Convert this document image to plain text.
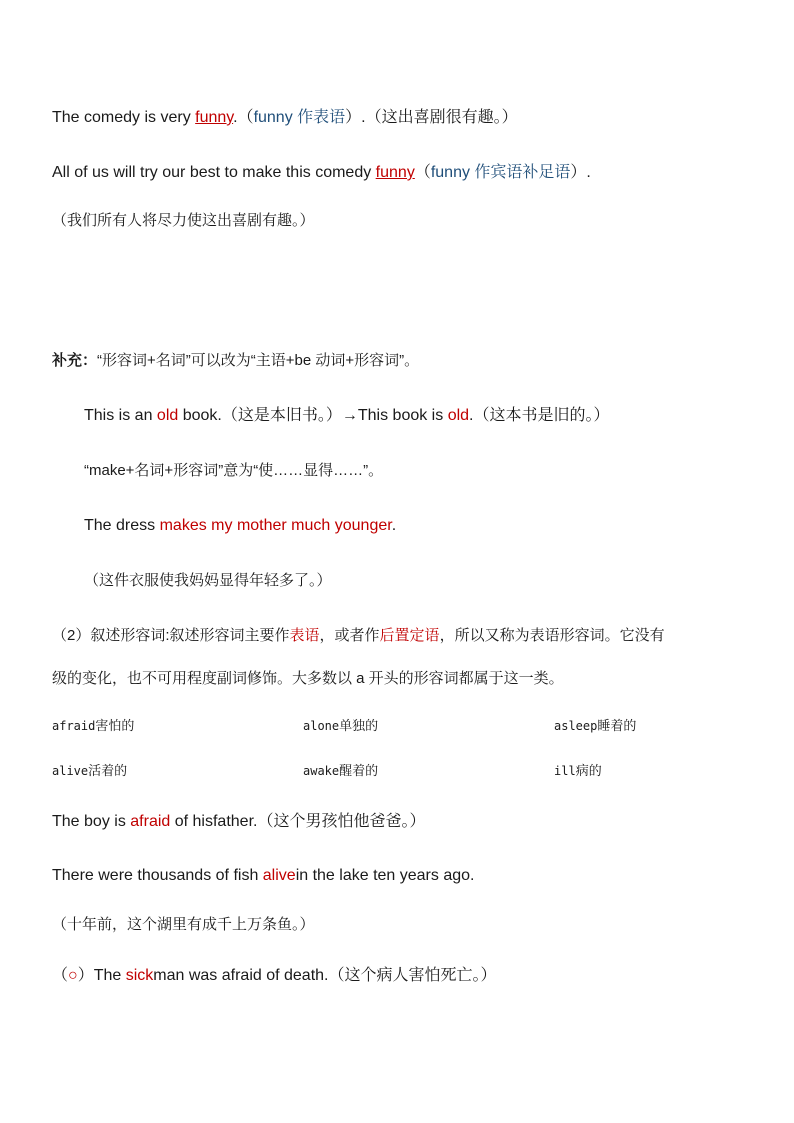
The comedy is very funny.（funny 作表语）.（这出喜剧很有趣。）
All of us will try our best to make this comedy funny（funny 作宾语补足语）.
（我们所有人将尽力使这出喜剧有趣。）
补充：“形容词+名词”可以改为“主语+be 动词+形容词”。
This is an old book.（这是本旧书。）→This book is old.（这本书是旧的。）
“make+名词+形容词”意为“使……显得……”。
The dress makes my mother much younger.
（这件衣服使我妈妈显得年轻多了。）
（2）叙述形容词:叙述形容词主要作表语，或者作后置定语，所以又称为表语形容词。它没有
级的变化，也不可用程度副词修饰。大多数以 a 开头的形容词都属于这一类。
afraid害怕的	alone单独的	asleep睡着的
alive活着的	awake醒着的	ill病的
The boy is afraid of hisfather.（这个男孩怕他爸爸。）
There were thousands of fish alivein the lake ten years ago.
（十年前，这个湖里有成千上万条鱼。）
（○）The sickman was afraid of death.（这个病人害怕死亡。）
